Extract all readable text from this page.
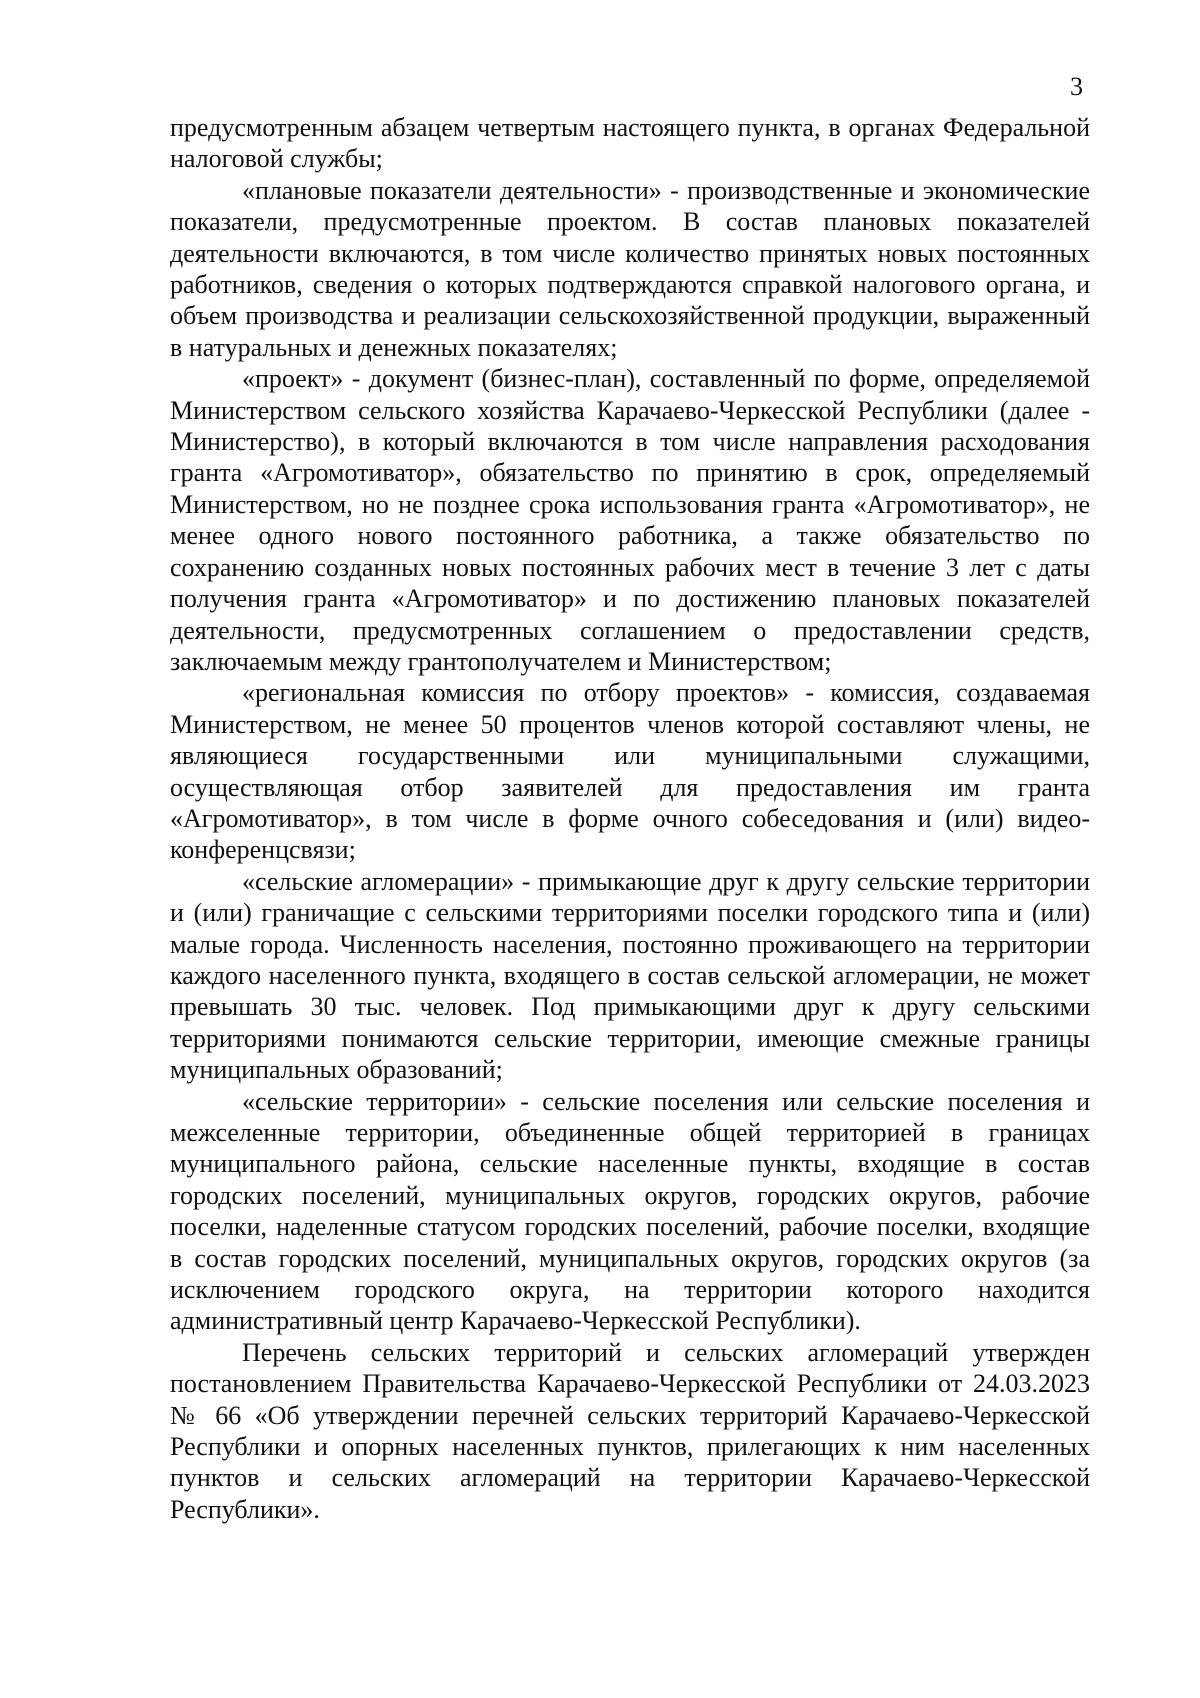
3

предусмотренным абзацем четвертым настоящего пункта, в органах Федеральной налоговой службы;

«плановые показатели деятельности» - производственные и экономические показатели, предусмотренные проектом. В состав плановых показателей деятельности включаются, в том числе количество принятых новых постоянных работников, сведения о которых подтверждаются справкой налогового органа, и объем производства и реализации сельскохозяйственной продукции, выраженный в натуральных и денежных показателях;

«проект» - документ (бизнес-план), составленный по форме, определяемой Министерством сельского хозяйства Карачаево-Черкесской Республики (далее - Министерство), в который включаются в том числе направления расходования гранта «Агромотиватор», обязательство по принятию в срок, определяемый Министерством, но не позднее срока использования гранта «Агромотиватор», не менее одного нового постоянного работника, а также обязательство по сохранению созданных новых постоянных рабочих мест в течение 3 лет с даты получения гранта «Агромотиватор» и по достижению плановых показателей деятельности, предусмотренных соглашением о предоставлении средств, заключаемым между грантополучателем и Министерством;

«региональная комиссия по отбору проектов» - комиссия, создаваемая Министерством, не менее 50 процентов членов которой составляют члены, не являющиеся государственными или муниципальными служащими, осуществляющая отбор заявителей для предоставления им гранта «Агромотиватор», в том числе в форме очного собеседования и (или) видео-конференцсвязи;

«сельские агломерации» - примыкающие друг к другу сельские территории и (или) граничащие с сельскими территориями поселки городского типа и (или) малые города. Численность населения, постоянно проживающего на территории каждого населенного пункта, входящего в состав сельской агломерации, не может превышать 30 тыс. человек. Под примыкающими друг к другу сельскими территориями понимаются сельские территории, имеющие смежные границы муниципальных образований;

«сельские территории» - сельские поселения или сельские поселения и межселенные территории, объединенные общей территорией в границах муниципального района, сельские населенные пункты, входящие в состав городских поселений, муниципальных округов, городских округов, рабочие поселки, наделенные статусом городских поселений, рабочие поселки, входящие в состав городских поселений, муниципальных округов, городских округов (за исключением городского округа, на территории которого находится административный центр Карачаево-Черкесской Республики).

Перечень сельских территорий и сельских агломераций утвержден постановлением Правительства Карачаево-Черкесской Республики от 24.03.2023 № 66 «Об утверждении перечней сельских территорий Карачаево-Черкесской Республики и опорных населенных пунктов, прилегающих к ним населенных пунктов и сельских агломераций на территории Карачаево-Черкесской Республики».
